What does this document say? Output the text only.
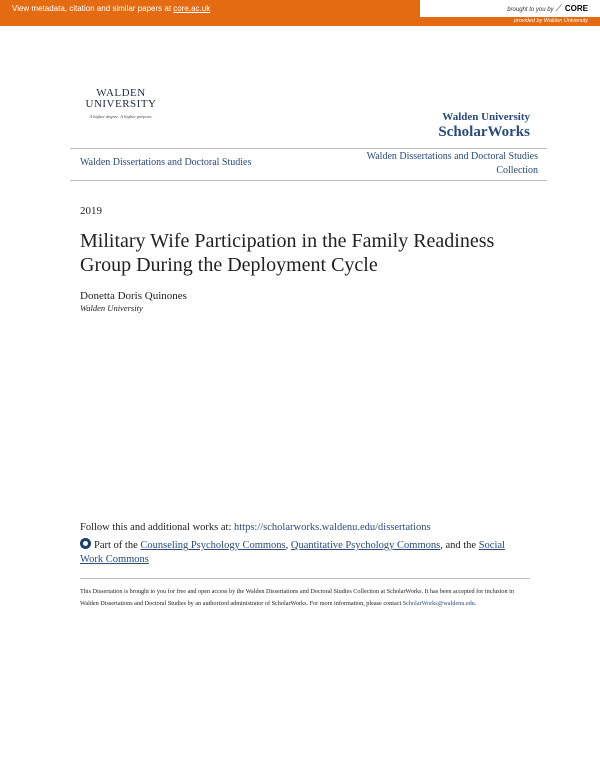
View metadata, citation and similar papers at core.ac.uk	brought to you by ⟋ CORE
provided by Walden University
WALDEN
UNIVERSITY
A higher degree. A higher purpose.	Walden University
ScholarWorks
Walden Dissertations and Doctoral Studies
Walden Dissertations and Doctoral Studies Collection
2019
Military Wife Participation in the Family Readiness Group During the Deployment Cycle
Donetta Doris Quinones
Walden University
Follow this and additional works at: https://scholarworks.waldenu.edu/dissertations
Part of the Counseling Psychology Commons, Quantitative Psychology Commons, and the Social Work Commons
This Dissertation is brought to you for free and open access by the Walden Dissertations and Doctoral Studies Collection at ScholarWorks. It has been accepted for inclusion in Walden Dissertations and Doctoral Studies by an authorized administrator of ScholarWorks. For more information, please contact ScholarWorks@waldenu.edu.
